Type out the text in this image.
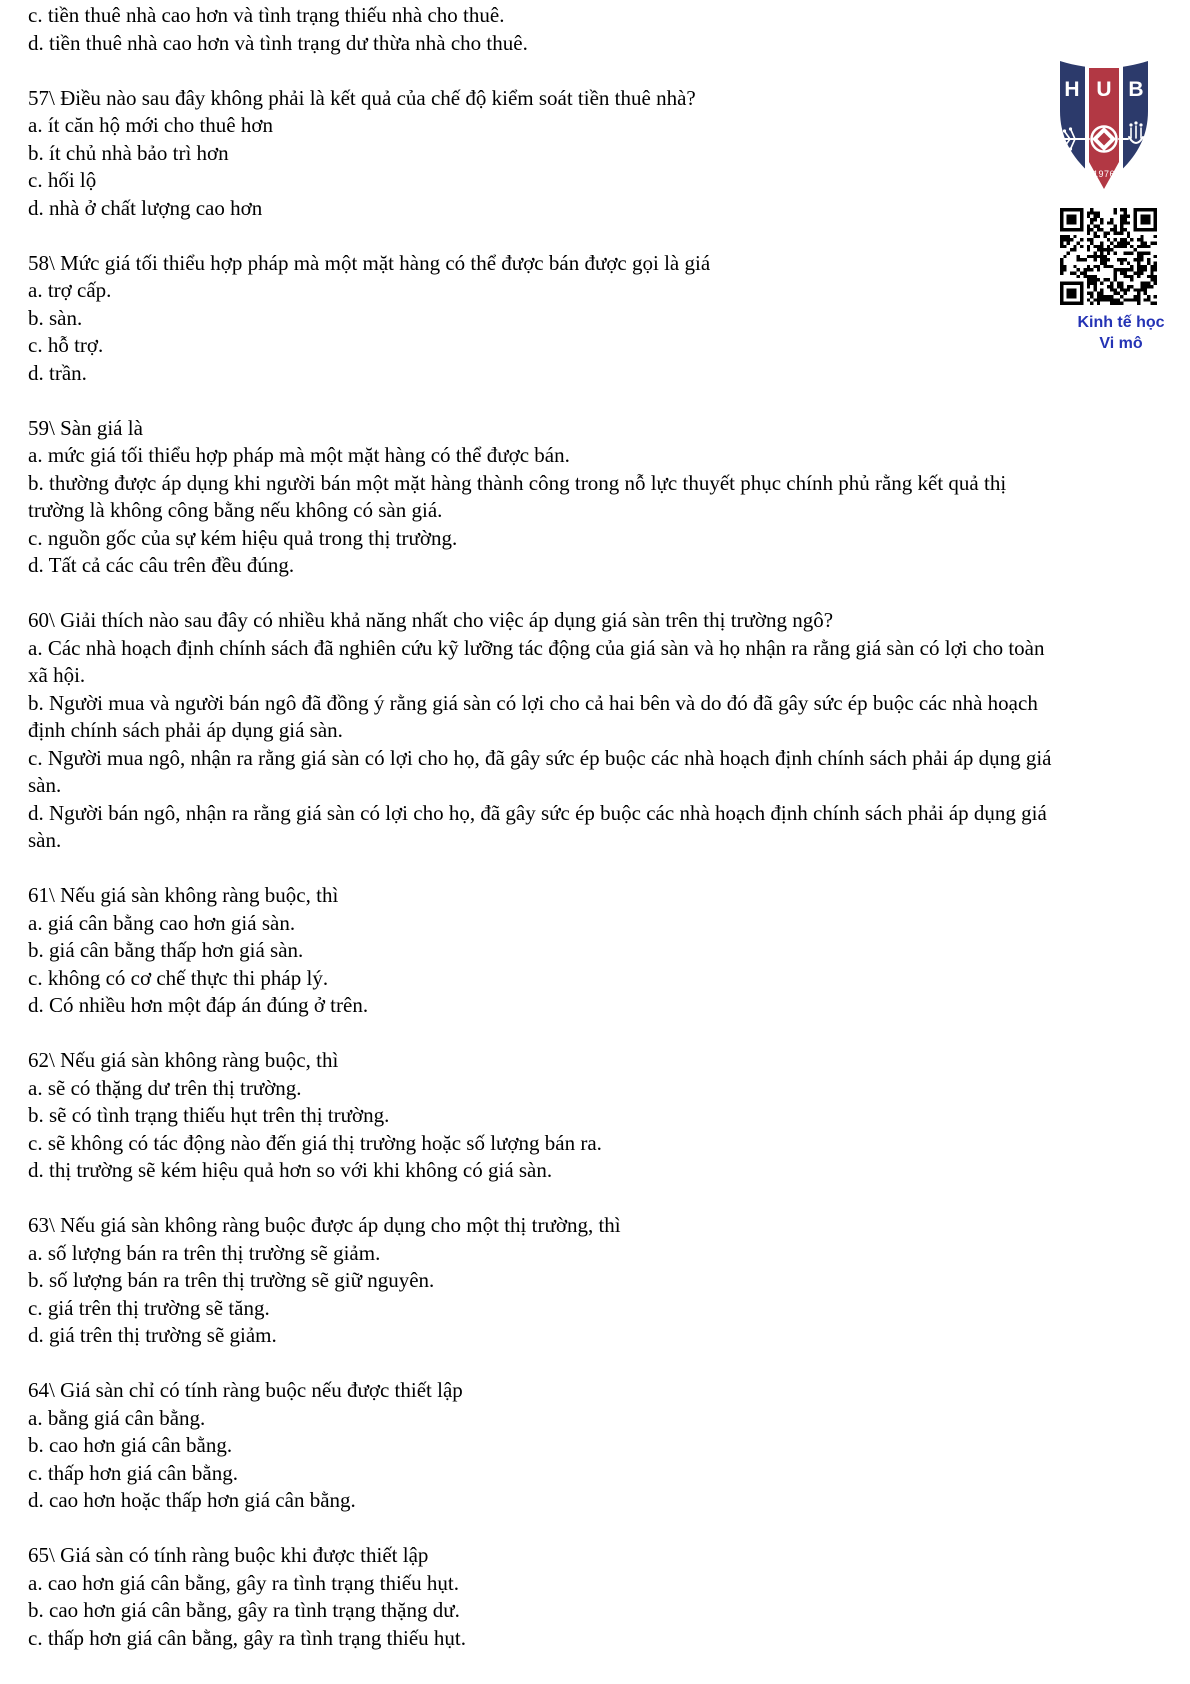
c. tiền thuê nhà cao hơn và tình trạng thiếu nhà cho thuê.
d. tiền thuê nhà cao hơn và tình trạng dư thừa nhà cho thuê.
57\ Điều nào sau đây không phải là kết quả của chế độ kiểm soát tiền thuê nhà?
a. ít căn hộ mới cho thuê hơn
b. ít chủ nhà bảo trì hơn
c. hối lộ
d. nhà ở chất lượng cao hơn
58\ Mức giá tối thiểu hợp pháp mà một mặt hàng có thể được bán được gọi là giá
a. trợ cấp.
b. sàn.
c. hỗ trợ.
d. trần.
59\ Sàn giá là
a. mức giá tối thiểu hợp pháp mà một mặt hàng có thể được bán.
b. thường được áp dụng khi người bán một mặt hàng thành công trong nỗ lực thuyết phục chính phủ rằng kết quả thị trường là không công bằng nếu không có sàn giá.
c. nguồn gốc của sự kém hiệu quả trong thị trường.
d. Tất cả các câu trên đều đúng.
60\ Giải thích nào sau đây có nhiều khả năng nhất cho việc áp dụng giá sàn trên thị trường ngô?
a. Các nhà hoạch định chính sách đã nghiên cứu kỹ lưỡng tác động của giá sàn và họ nhận ra rằng giá sàn có lợi cho toàn xã hội.
b. Người mua và người bán ngô đã đồng ý rằng giá sàn có lợi cho cả hai bên và do đó đã gây sức ép buộc các nhà hoạch định chính sách phải áp dụng giá sàn.
c. Người mua ngô, nhận ra rằng giá sàn có lợi cho họ, đã gây sức ép buộc các nhà hoạch định chính sách phải áp dụng giá sàn.
d. Người bán ngô, nhận ra rằng giá sàn có lợi cho họ, đã gây sức ép buộc các nhà hoạch định chính sách phải áp dụng giá sàn.
61\ Nếu giá sàn không ràng buộc, thì
a. giá cân bằng cao hơn giá sàn.
b. giá cân bằng thấp hơn giá sàn.
c. không có cơ chế thực thi pháp lý.
d. Có nhiều hơn một đáp án đúng ở trên.
62\ Nếu giá sàn không ràng buộc, thì
a. sẽ có thặng dư trên thị trường.
b. sẽ có tình trạng thiếu hụt trên thị trường.
c. sẽ không có tác động nào đến giá thị trường hoặc số lượng bán ra.
d. thị trường sẽ kém hiệu quả hơn so với khi không có giá sàn.
63\ Nếu giá sàn không ràng buộc được áp dụng cho một thị trường, thì
a. số lượng bán ra trên thị trường sẽ giảm.
b. số lượng bán ra trên thị trường sẽ giữ nguyên.
c. giá trên thị trường sẽ tăng.
d. giá trên thị trường sẽ giảm.
64\ Giá sàn chỉ có tính ràng buộc nếu được thiết lập
a. bằng giá cân bằng.
b. cao hơn giá cân bằng.
c. thấp hơn giá cân bằng.
d. cao hơn hoặc thấp hơn giá cân bằng.
65\ Giá sàn có tính ràng buộc khi được thiết lập
a. cao hơn giá cân bằng, gây ra tình trạng thiếu hụt.
b. cao hơn giá cân bằng, gây ra tình trạng thặng dư.
c. thấp hơn giá cân bằng, gây ra tình trạng thiếu hụt.
H U B
1976
Kinh tế học
Vi mô
